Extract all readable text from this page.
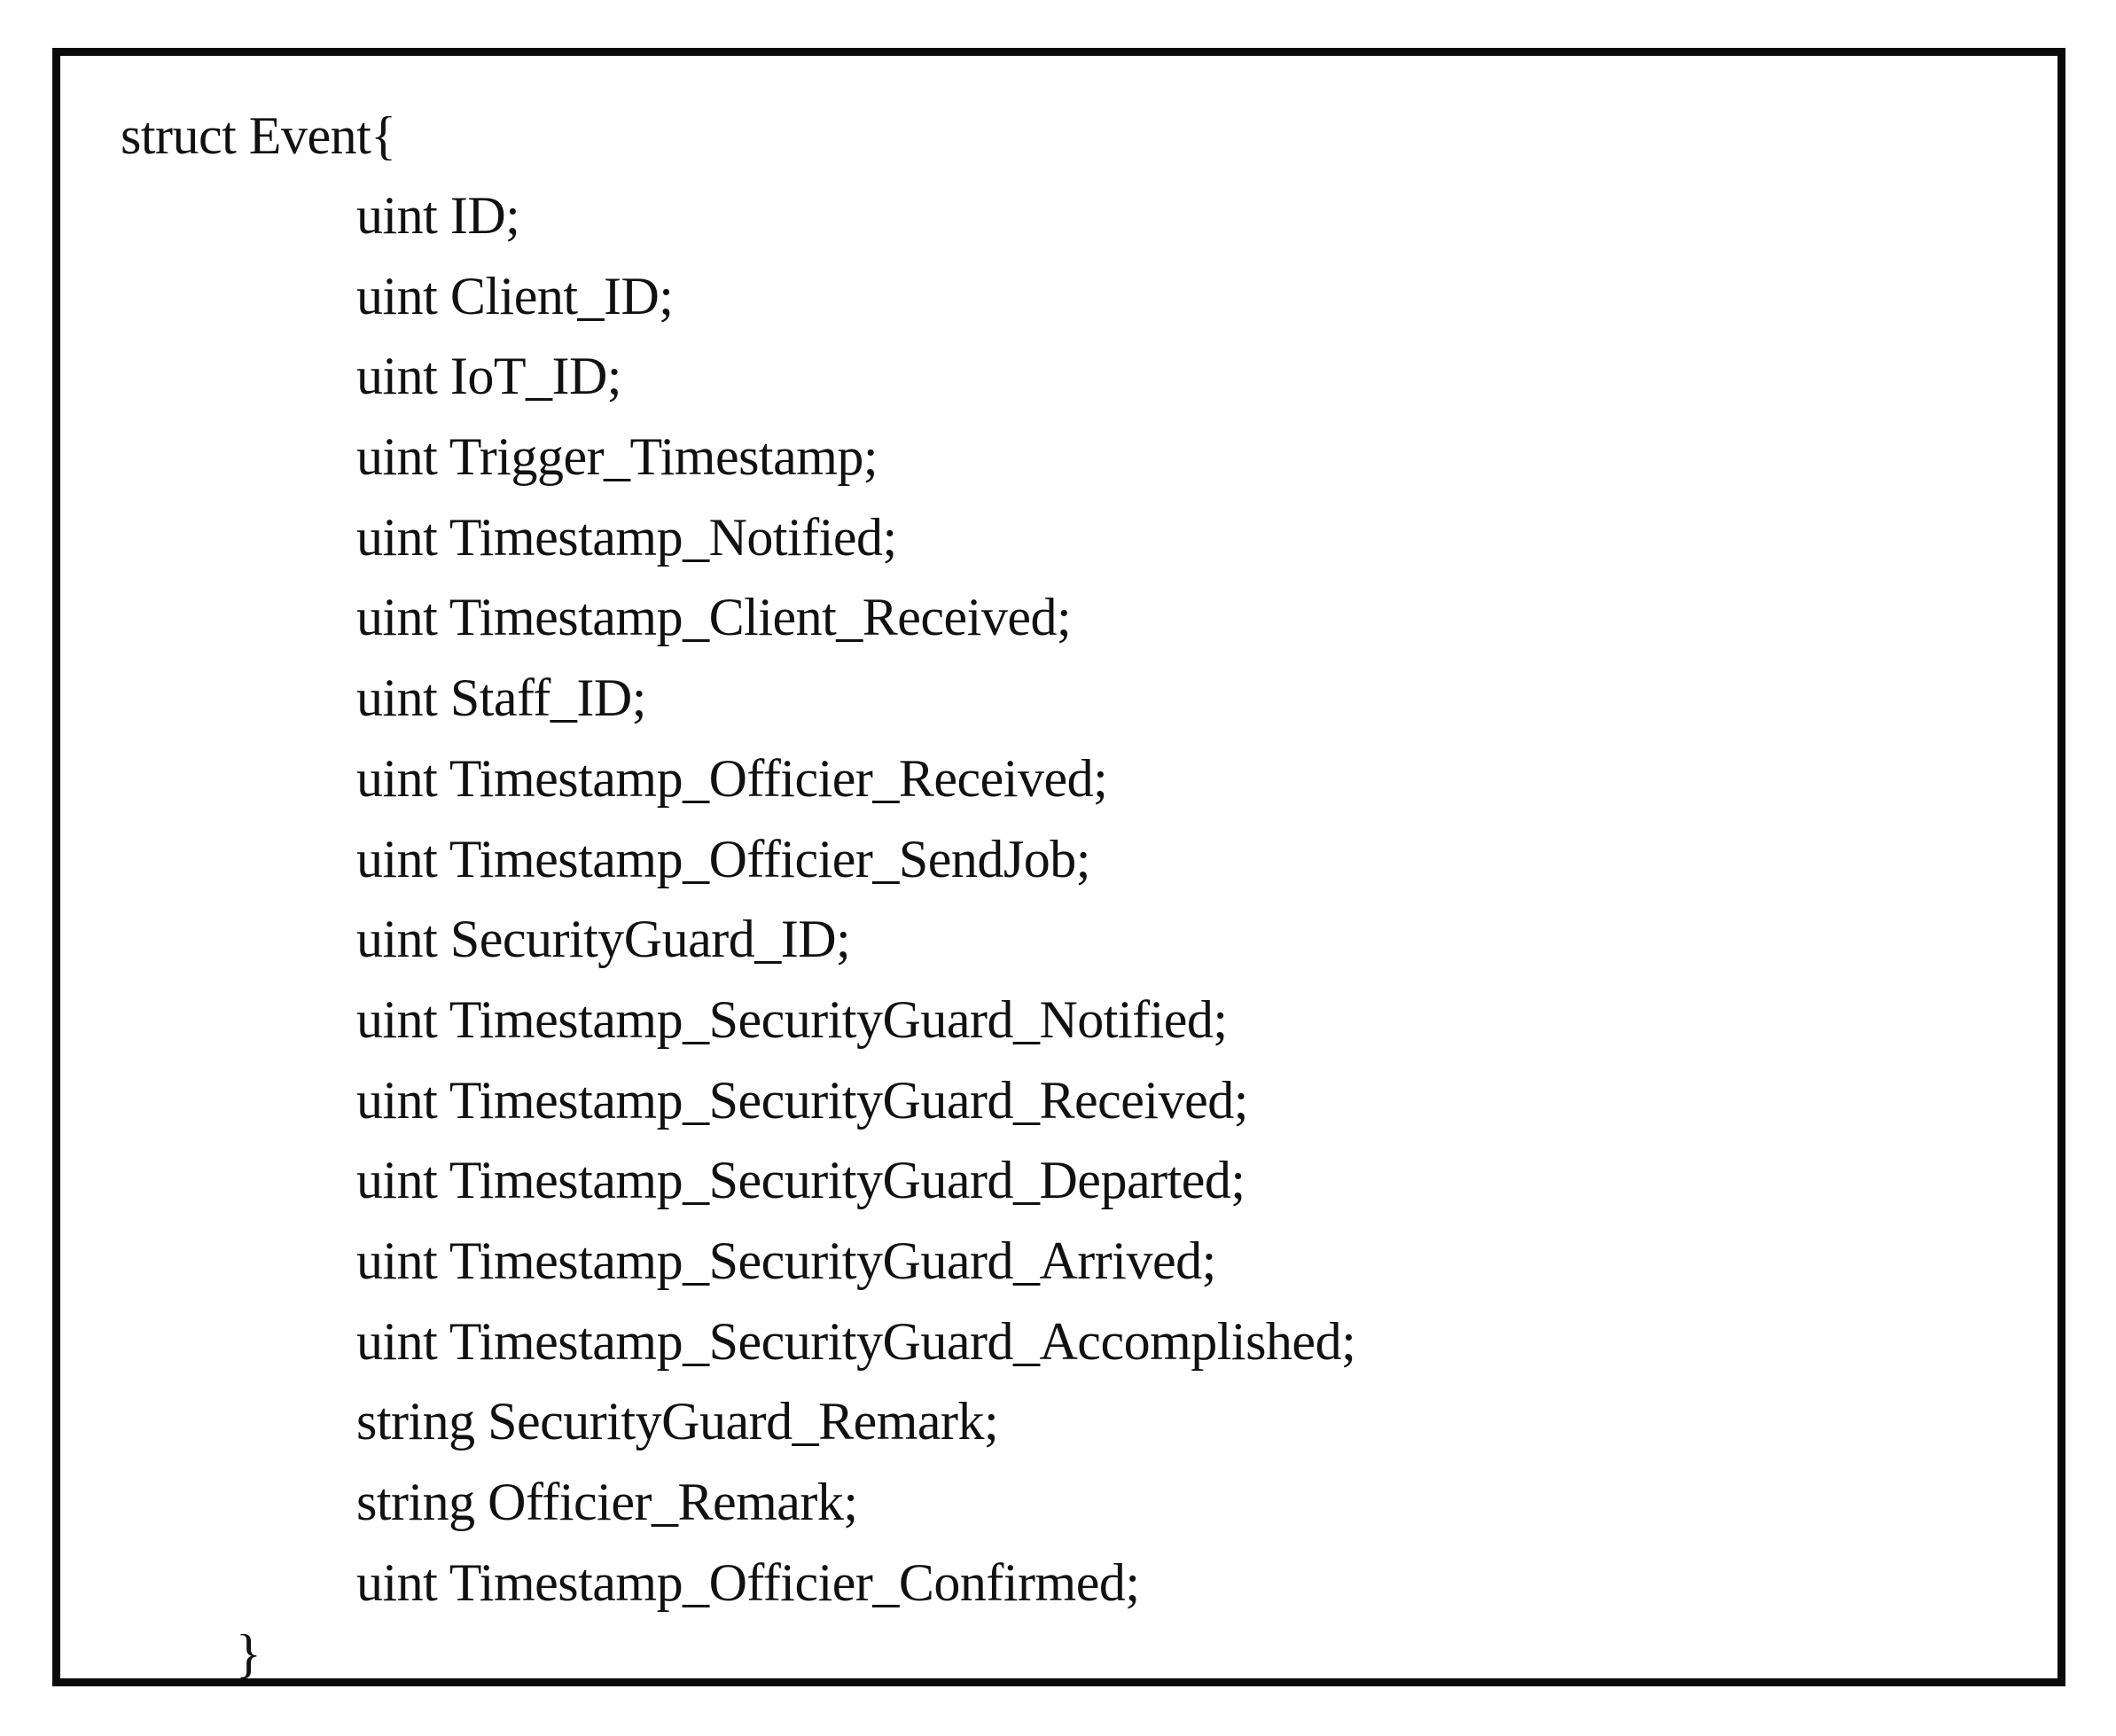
struct Event{

uint ID;
uint Client_ID;
uint IoT_ID;
uint Trigger_Timestamp;
uint Timestamp_Notified;
uint Timestamp_Client_Received;
uint Staff_ID;
uint Timestamp_Officier_Received;
uint Timestamp_Officier_SendJob;
uint SecurityGuard_ID;
uint Timestamp_SecurityGuard_Notified;
uint Timestamp_SecurityGuard_Received;
uint Timestamp_SecurityGuard_Departed;
uint Timestamp_SecurityGuard_Arrived;
uint Timestamp_SecurityGuard_Accomplished;
string SecurityGuard_Remark;
string Officier_Remark;
uint Timestamp_Officier_Confirmed;

}
